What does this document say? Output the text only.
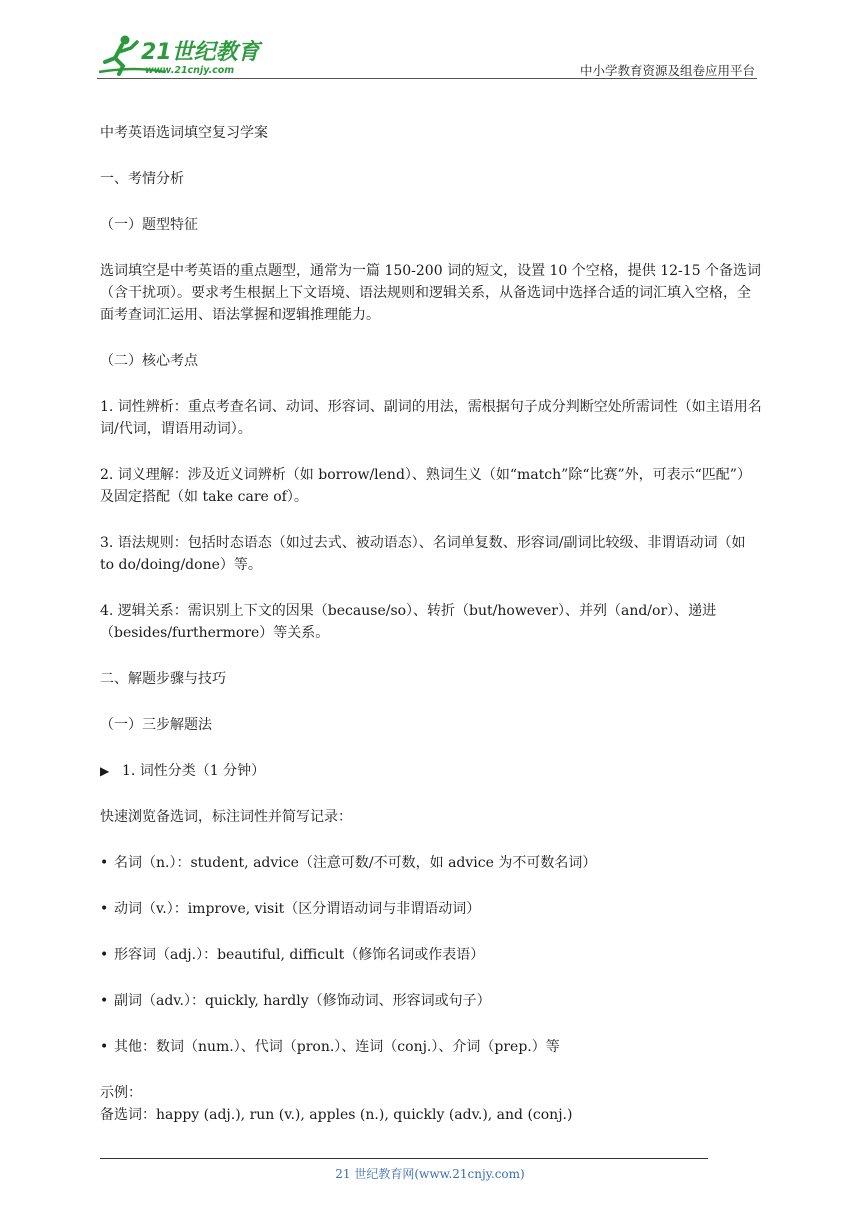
21世纪教育
www.21cnjy.com	中小学教育资源及组卷应用平台

中考英语选词填空复习学案

一、考情分析

（一）题型特征

选词填空是中考英语的重点题型，通常为一篇 150-200 词的短文，设置 10 个空格，提供 12-15 个备选词（含干扰项）。要求考生根据上下文语境、语法规则和逻辑关系，从备选词中选择合适的词汇填入空格，全面考查词汇运用、语法掌握和逻辑推理能力。

（二）核心考点

1. 词性辨析：重点考查名词、动词、形容词、副词的用法，需根据句子成分判断空处所需词性（如主语用名词/代词，谓语用动词）。

2. 词义理解：涉及近义词辨析（如 borrow/lend）、熟词生义（如“match”除“比赛”外，可表示“匹配”）及固定搭配（如 take care of）。

3. 语法规则：包括时态语态（如过去式、被动语态）、名词单复数、形容词/副词比较级、非谓语动词（如 to do/doing/done）等。

4. 逻辑关系：需识别上下文的因果（because/so）、转折（but/however）、并列（and/or）、递进（besides/furthermore）等关系。

二、解题步骤与技巧

（一）三步解题法

▶ 1. 词性分类（1 分钟）

快速浏览备选词，标注词性并简写记录：

• 名词（n.）：student, advice（注意可数/不可数，如 advice 为不可数名词）

• 动词（v.）：improve, visit（区分谓语动词与非谓语动词）

• 形容词（adj.）：beautiful, difficult（修饰名词或作表语）

• 副词（adv.）：quickly, hardly（修饰动词、形容词或句子）

• 其他：数词（num.）、代词（pron.）、连词（conj.）、介词（prep.）等

示例：

备选词：happy (adj.), run (v.), apples (n.), quickly (adv.), and (conj.)

21 世纪教育网(www.21cnjy.com)
